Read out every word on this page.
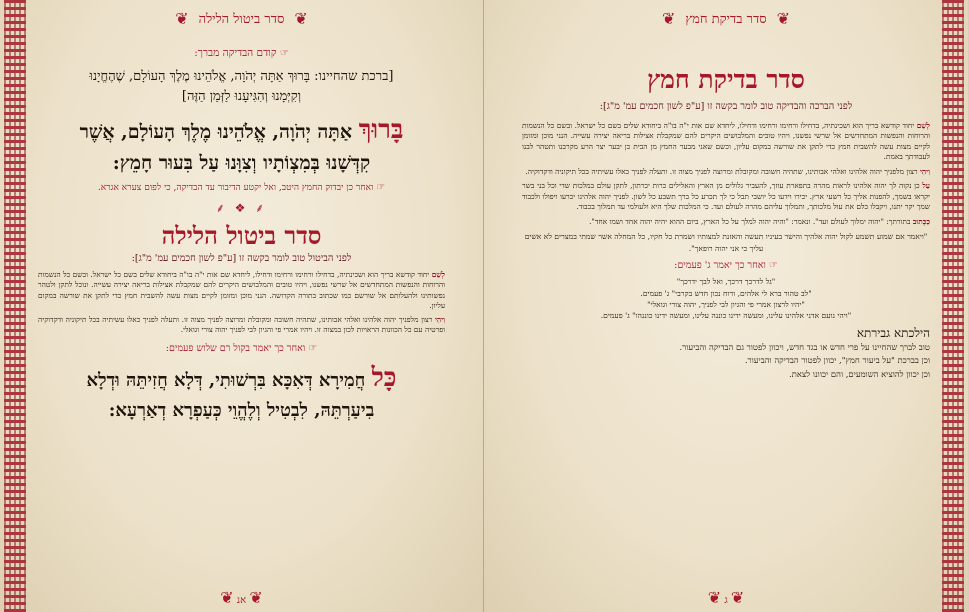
❦
סדר ביטול הלילה
❦
☞ קודם הבדיקה מברך:
[ברכת שהחיינו: בָּרוּךְ אַתָּה יְהֹוָה, אֱלֹהֵינוּ מֶלֶךְ הָעוֹלָם, שֶׁהֶחֱיָנוּ
וְקִיְּמָנוּ וְהִגִּיעָנוּ לַזְּמַן הַזֶּה]
בָּרוּךְ אַתָּה יְהֹוָה, אֱלֹהֵינוּ מֶלֶךְ הָעוֹלָם, אֲשֶׁר
קִדְּשָׁנוּ בְּמִצְוֹתָיו וְצִוָּנוּ עַל בִּעוּר חָמֵץ:
☞ ואחר כן יבדוק החמץ היטב, ואל יקטע הדיבור עד הבדיקה, כי לפום צערא אגרא.
⸙ ❖ ⸙
סדר ביטול הלילה
לפני הביטול טוב לומר בקשה זו [ע"פ לשון חכמים עמ' מ"ג]:
לְשֵׁם יחוד קודשא בריך הוא ושכינתיה, בדחילו ורחימו ורחימו ודחילו, ליחדא שם אות י"ה בו"ה ביחודא שלים בשם כל ישראל. ובשם כל הנשמות והרוחות והנפשות המתחדשים אל שרשי נפשנו, ויהיו טובים והמלבושים היקרים להם שמקבלת אצילות בריאה יצירה עשייה. ונוכל לתקן ולטהר נפשותינו ולהעלותם אל שורשם כמו שכתוב בתורה הקדושה. הנני מוכן ומזומן לקיים מצות עשה להשבית חמץ כדי לתקן את שורשה במקום עליון.
וִיהִי רצון מלפניך יהוה אלהינו ואלהי אבותינו, שתהיה חשובה ומקובלת ומרוצה לפניך מצוה זו. ותעלה לפניך כאלו עשיתיה בכל תיקוניה ודקדוקיה ופרטיה עם כל הכוונות הראויות לכון במצוה זו. ויהיו אמרי פי והגיון לבי לפניך יהוה צורי וגואלי.
☞ ואחר כך יאמר בקול רם שלוש פעמים:
כָּל חֲמִירָא דְּאִכָּא בִּרְשׁוּתִי, דְּלָא חֲזִיתֵּהּ וּדְלָא
בִיעַרְתֵּהּ, לִבְטִיל וְלֶהֱוֵי כְּעַפְרָא דְאַרְעָא:
❦ אנ ❦
❦
סדר בדיקת חמץ
❦
סדר בדיקת חמץ
לפני הברכה והבדיקה טוב לומר בקשה זו [ע"פ לשון חכמים עמ' מ"ג]:
לְשֵׁם יחוד קודשא בריך הוא ושכינתיה, בדחילו ורחימו ורחימו ודחילו, ליחדא שם אות י"ה בו"ה ביחודא שלים בשם כל ישראל. ובשם כל הנשמות והרוחות והנפשות המתחדשים אל שרשי נפשנו, ויהיו טובים והמלבושים היקרים להם שמקבלת אצילות בריאה יצירה עשייה. הנני מוכן ומזומן לקיים מצות עשה להשבית חמץ כדי לתקן את שורשה במקום עליון, וכשם שאני מבער החמץ מן הבית כן יבער יצר הרע מקרבנו ותטהר לבנו לעבודתך באמת.
וִיהִי רצון מלפניך יהוה אלהינו ואלהי אבותינו, שתהיה חשובה ומקובלת ומרוצה לפניך מצוה זו. ותעלה לפניך כאלו עשיתיה בכל תיקוניה ודקדוקיה.
עַל כן נקוה לך יהוה אלהינו לראות מהרה בתפארת עוזך, להעביר גלולים מן הארץ והאלילים כרות יכרתון, לתקן עולם במלכות שדי וכל בני בשר יקראו בשמך, להפנות אליך כל רשעי ארץ. יכירו וידעו כל יושבי תבל כי לך תכרע כל ברך תשבע כל לשון. לפניך יהוה אלהינו יכרעו ויפולו ולכבוד שמך יקר יתנו, ויקבלו כלם את עול מלכותך, ותמלוך עליהם מהרה לעולם ועד. כי המלכות שלך היא ולעולמי עד תמלוך בכבוד.
כַּכָּתוּב בתורתך: "יהוה ימלוך לעולם ועד". ונאמר: "והיה יהוה למלך על כל הארץ, ביום ההוא יהיה יהוה אחד ושמו אחד".
"ויאמר אם שמוע תשמע לקול יהוה אלהיך והישר בעיניו תעשה והאזנת למצותיו ושמרת כל חקיו, כל המחלה אשר שמתי במצרים לא אשים עליך כי אני יהוה רופאך".
☞ ואחר כך יאמר ג' פעמים:
"גל לדרכך דרכך, ואל לבך ידרכך"
"לב טהור ברא לי אלהים, ורוח נכון חדש בקרבי" ג' פעמים.
"יהיו לרצון אמרי פי והגיון לבי לפניך, יהוה צורי וגואלי"
"ויהי נועם אדני אלהינו עלינו, ומעשה ידינו כוננה עלינו, ומעשה ידינו כוננהו" ג' פעמים.
הילכתא גבירתא
טוב לברך שהחיינו על פרי חדש או בגד חדש, ויכוון לפטור גם הבדיקה והביעור.
וכן בברכת "על ביעור חמץ", יכוון לפטור הבדיקה והביעור.
וכן יכוון להוציא השומעים, והם יכוונו לצאת.
❦ ג ❦
